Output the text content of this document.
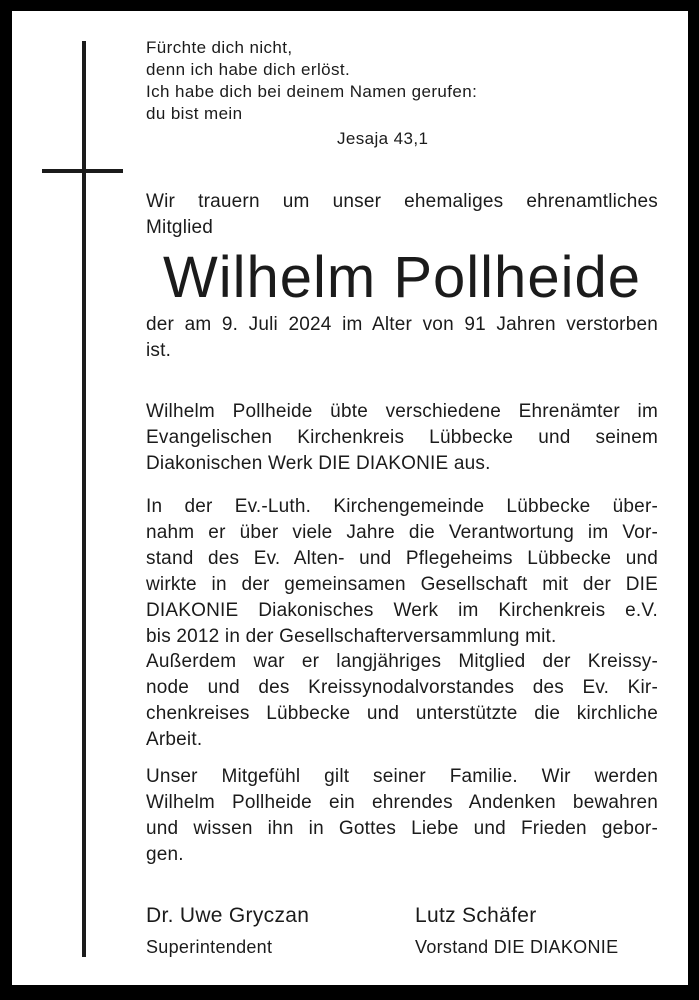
Fürchte dich nicht,
denn ich habe dich erlöst.
Ich habe dich bei deinem Namen gerufen:
du bist mein
Jesaja 43,1
Wir trauern um unser ehemaliges ehrenamtliches
Mitglied
Wilhelm Pollheide
der am 9. Juli 2024 im Alter von 91 Jahren verstorben
ist.
Wilhelm Pollheide übte verschiedene Ehrenämter im
Evangelischen Kirchenkreis Lübbecke und seinem
Diakonischen Werk DIE DIAKONIE aus.
In der Ev.-Luth. Kirchengemeinde Lübbecke über-
nahm er über viele Jahre die Verantwortung im Vor-
stand des Ev. Alten- und Pflegeheims Lübbecke und
wirkte in der gemeinsamen Gesellschaft mit der DIE
DIAKONIE Diakonisches Werk im Kirchenkreis e.V.
bis 2012 in der Gesellschafterversammlung mit.
Außerdem war er langjähriges Mitglied der Kreissy-
node und des Kreissynodalvorstandes des Ev. Kir-
chenkreises Lübbecke und unterstützte die kirchliche
Arbeit.
Unser Mitgefühl gilt seiner Familie. Wir werden
Wilhelm Pollheide ein ehrendes Andenken bewahren
und wissen ihn in Gottes Liebe und Frieden gebor-
gen.
Dr. Uwe Gryczan
Superintendent
Lutz Schäfer
Vorstand DIE DIAKONIE
